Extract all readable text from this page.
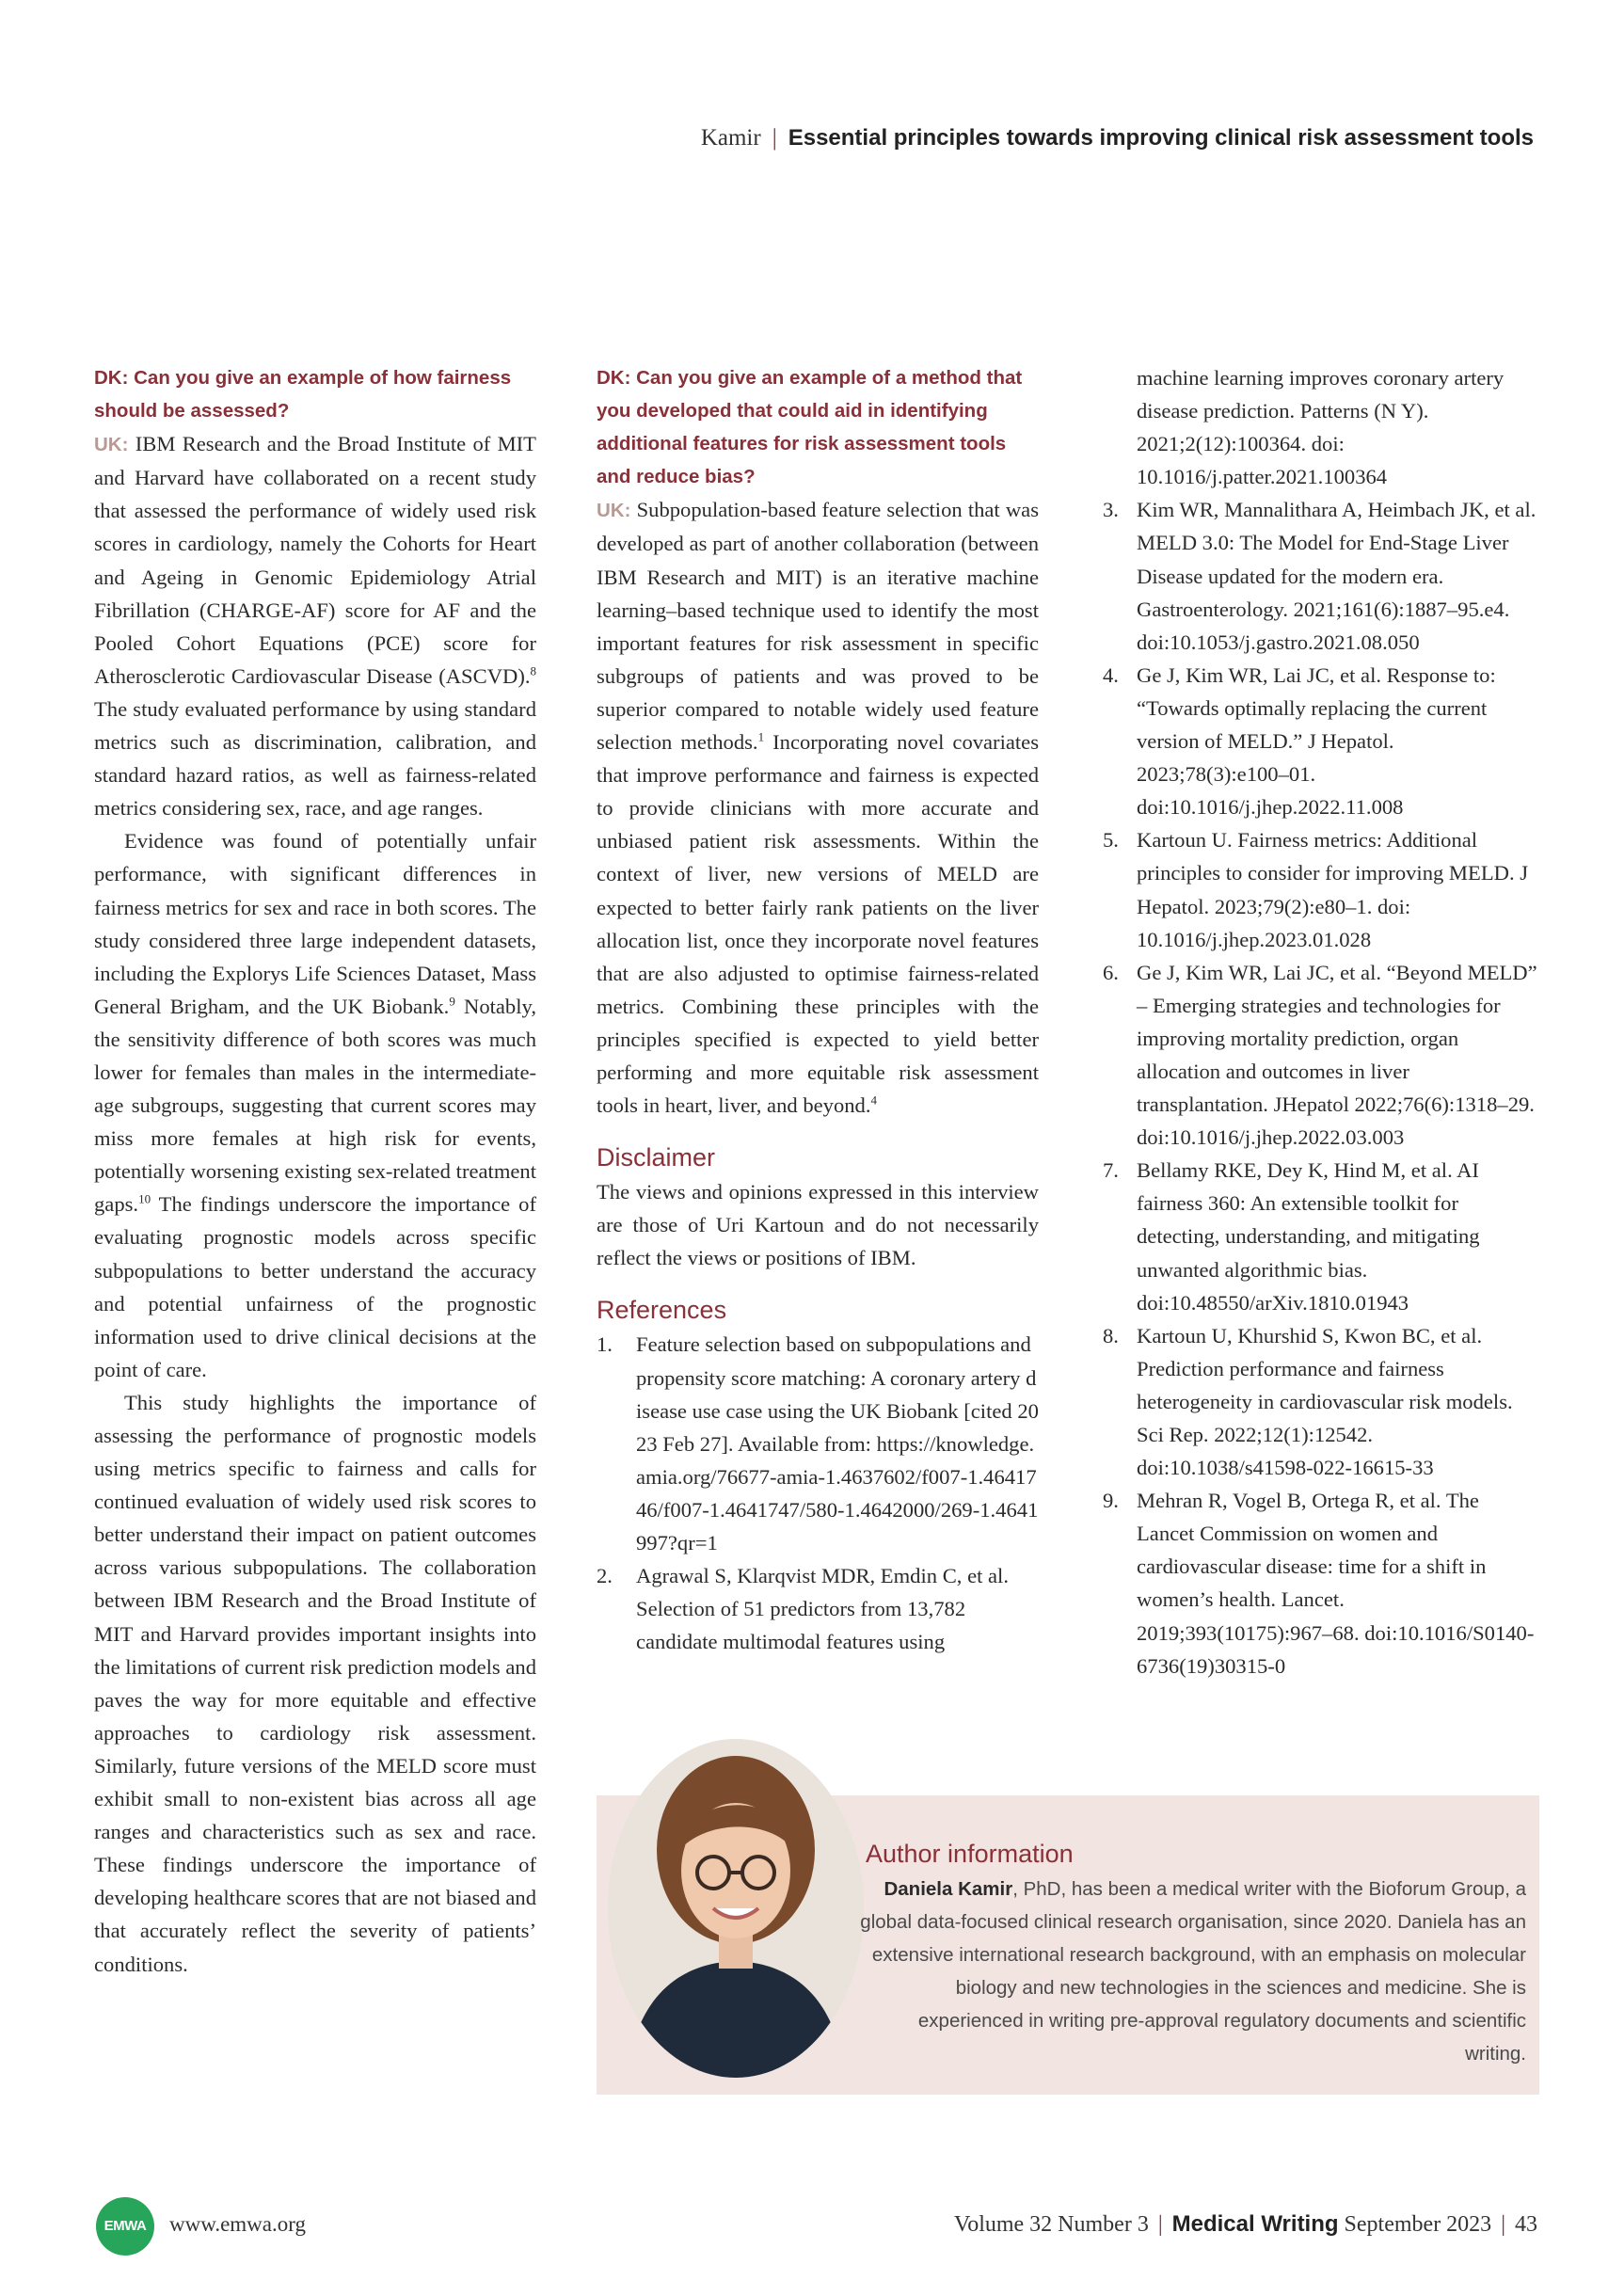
Kamir | Essential principles towards improving clinical risk assessment tools

DK: Can you give an example of how fairness should be assessed?

UK: IBM Research and the Broad Institute of MIT and Harvard have collaborated on a recent study that assessed the performance of widely used risk scores in cardiology, namely the Cohorts for Heart and Ageing in Genomic Epidemiology Atrial Fibrillation (CHARGE-AF) score for AF and the Pooled Cohort Equations (PCE) score for Atherosclerotic Cardiovascular Disease (ASCVD).$^8$ The study evaluated performance by using standard metrics such as discrimination, calibration, and standard hazard ratios, as well as fairness-related metrics considering sex, race, and age ranges.

Evidence was found of potentially unfair performance, with significant differences in fairness metrics for sex and race in both scores. The study considered three large independent datasets, including the Explorys Life Sciences Dataset, Mass General Brigham, and the UK Biobank.$^9$ Notably, the sensitivity difference of both scores was much lower for females than males in the intermediate-age subgroups, suggesting that current scores may miss more females at high risk for events, potentially worsening existing sex-related treatment gaps.$^{10}$ The findings underscore the importance of evaluating prognostic models across specific subpopulations to better understand the accuracy and potential unfairness of the prognostic information used to drive clinical decisions at the point of care.

This study highlights the importance of assessing the performance of prognostic models using metrics specific to fairness and calls for continued evaluation of widely used risk scores to better understand their impact on patient outcomes across various subpopulations. The collaboration between IBM Research and the Broad Institute of MIT and Harvard provides important insights into the limitations of current risk prediction models and paves the way for more equitable and effective approaches to cardiology risk assessment. Similarly, future versions of the MELD score must exhibit small to non-existent bias across all age ranges and characteristics such as sex and race. These findings underscore the importance of developing healthcare scores that are not biased and that accurately reflect the severity of patients’ conditions.

DK: Can you give an example of a method that you developed that could aid in identifying additional features for risk assessment tools and reduce bias?

UK: Subpopulation-based feature selection that was developed as part of another collaboration (between IBM Research and MIT) is an iterative machine learning–based technique used to identify the most important features for risk assessment in specific subgroups of patients and was proved to be superior compared to notable widely used feature selection methods.$^1$ Incorporating novel covariates that improve performance and fairness is expected to provide clinicians with more accurate and unbiased patient risk assessments. Within the context of liver, new versions of MELD are expected to better fairly rank patients on the liver allocation list, once they incorporate novel features that are also adjusted to optimise fairness-related metrics. Combining these principles with the principles specified is expected to yield better performing and more equitable risk assessment tools in heart, liver, and beyond.$^4$

Disclaimer

The views and opinions expressed in this interview are those of Uri Kartoun and do not necessarily reflect the views or positions of IBM.

References
1. Feature selection based on subpopulations and propensity score matching: A coronary artery disease use case using the UK Biobank [cited 2023 Feb 27]. Available from: https://knowledge.amia.org/76677-amia-1.4637602/f007-1.4641746/f007-1.4641747/580-1.4642000/269-1.4641997?qr=1
2. Agrawal S, Klarqvist MDR, Emdin C, et al. Selection of 51 predictors from 13,782 candidate multimodal features using

machine learning improves coronary artery disease prediction. Patterns (N Y). 2021;2(12):100364. doi: 10.1016/j.patter.2021.100364

3. Kim WR, Mannalithara A, Heimbach JK, et al. MELD 3.0: The Model for End-Stage Liver Disease updated for the modern era. Gastroenterology. 2021;161(6):1887–95.e4. doi:10.1053/j.gastro.2021.08.050
4. Ge J, Kim WR, Lai JC, et al. Response to: “Towards optimally replacing the current version of MELD.” J Hepatol. 2023;78(3):e100–01. doi:10.1016/j.jhep.2022.11.008
5. Kartoun U. Fairness metrics: Additional principles to consider for improving MELD. J Hepatol. 2023;79(2):e80–1. doi: 10.1016/j.jhep.2023.01.028
6. Ge J, Kim WR, Lai JC, et al. “Beyond MELD” – Emerging strategies and technologies for improving mortality prediction, organ allocation and outcomes in liver transplantation. JHepatol 2022;76(6):1318–29. doi:10.1016/j.jhep.2022.03.003
7. Bellamy RKE, Dey K, Hind M, et al. AI fairness 360: An extensible toolkit for detecting, understanding, and mitigating unwanted algorithmic bias. doi:10.48550/arXiv.1810.01943
8. Kartoun U, Khurshid S, Kwon BC, et al. Prediction performance and fairness heterogeneity in cardiovascular risk models. Sci Rep. 2022;12(1):12542. doi:10.1038/s41598-022-16615-33
9. Mehran R, Vogel B, Ortega R, et al. The Lancet Commission on women and cardiovascular disease: time for a shift in women’s health. Lancet. 2019;393(10175):967–68. doi:10.1016/S0140-6736(19)30315-0
Author information

Daniela Kamir, PhD, has been a medical writer with the Bioforum Group, a global data-focused clinical research organisation, since 2020. Daniela has an extensive international research background, with an emphasis on molecular biology and new technologies in the sciences and medicine. She is experienced in writing pre-approval regulatory documents and scientific writing.

EMWA	www.emwa.org	Volume 32 Number 3 | Medical Writing September 2023 | 43
